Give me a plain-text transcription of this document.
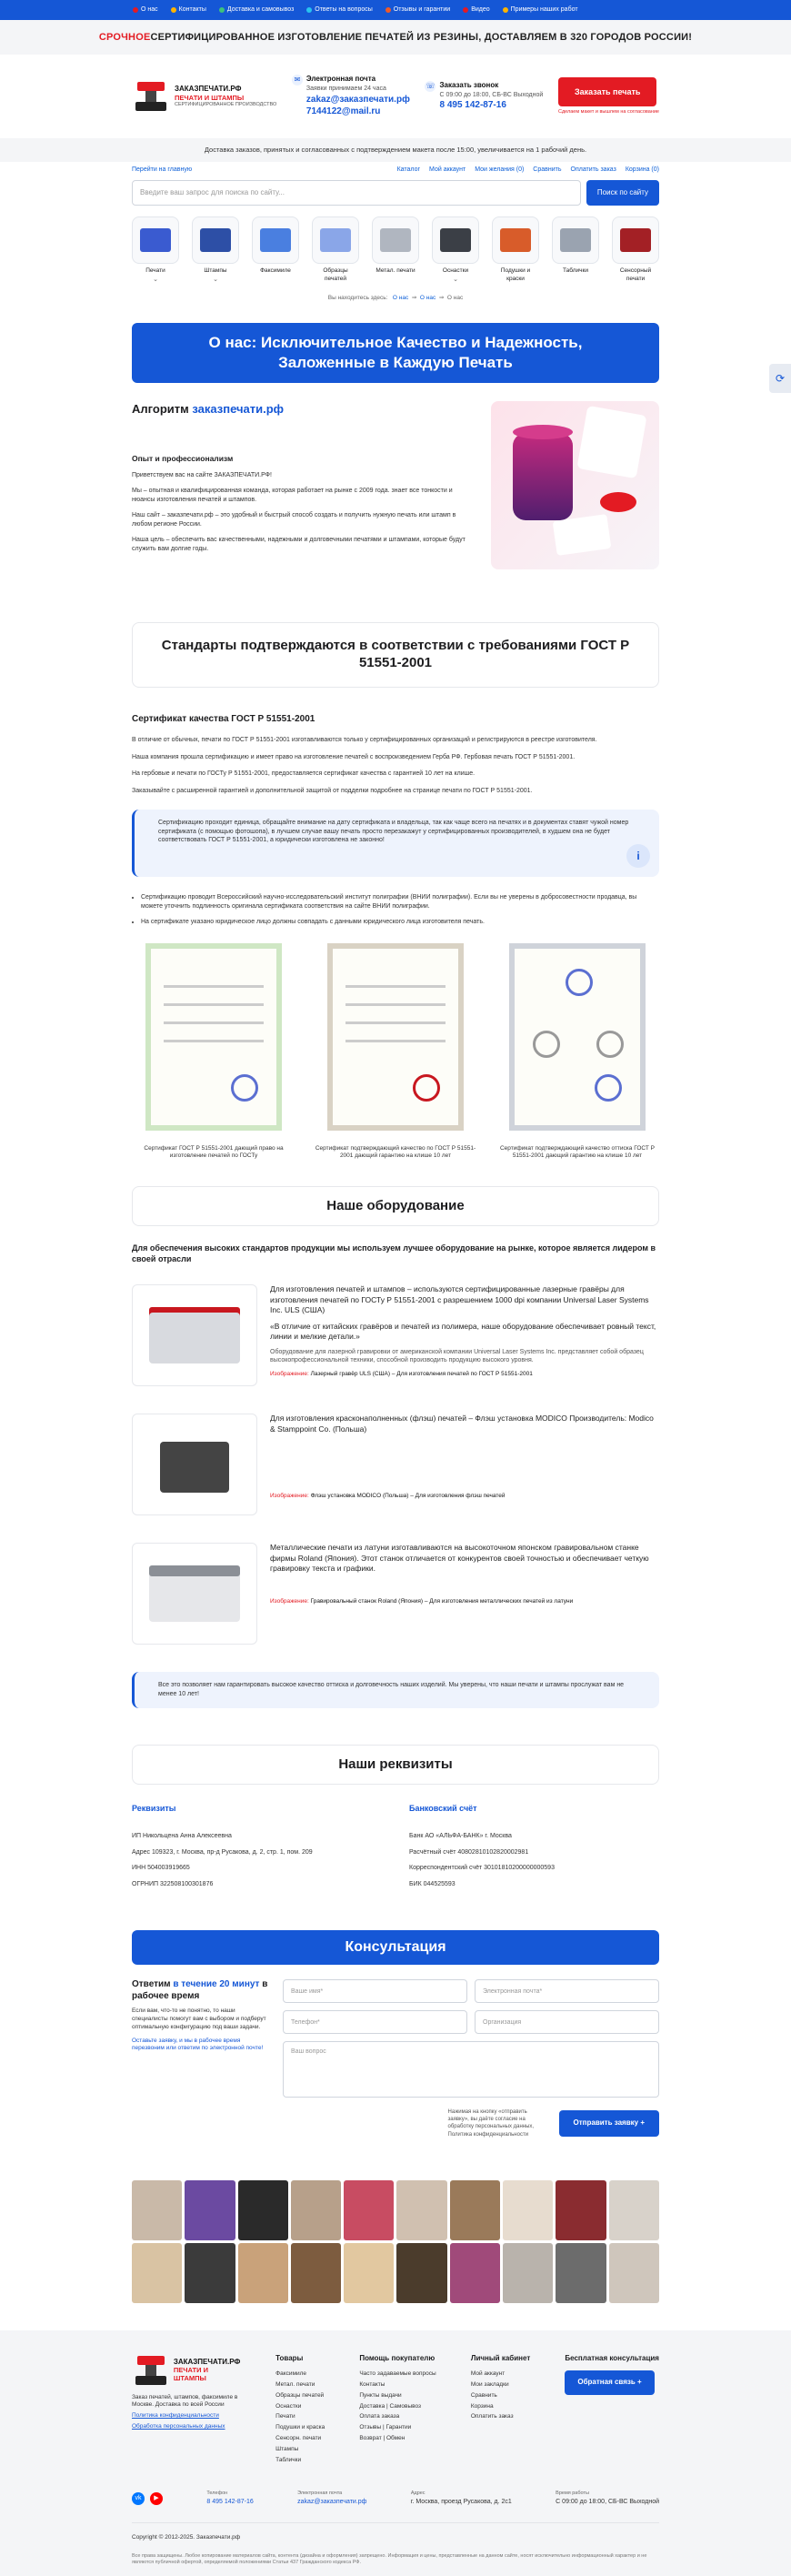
⟳
О нас	Контакты	Доставка и самовывоз	Ответы на вопросы	Отзывы и гарантии	Видео	Примеры наших работ
СРОЧНОЕ СЕРТИФИЦИРОВАННОЕ ИЗГОТОВЛЕНИЕ ПЕЧАТЕЙ ИЗ РЕЗИНЫ, ДОСТАВЛЯЕМ В 320 ГОРОДОВ РОССИИ!
ЗАКАЗПЕЧАТИ.РФ
ПЕЧАТИ И ШТАМПЫ
СЕРТИФИЦИРОВАННОЕ ПРОИЗВОДСТВО
✉ Электронная почта
Заявки принимаем 24 часа
zakaz@заказпечати.рф
7144122@mail.ru
☏ Заказать звонок
С 09:00 до 18:00, СБ-ВС Выходной
8 495 142-87-16
Заказать печать
Сделаем макет и вышлем на согласование
Доставка заказов, принятых и согласованных с подтверждением макета после 15:00, увеличивается на 1 рабочий день.
Перейти на главную	Каталог Мой аккаунт Мои желания (0) Сравнить Оплатить заказ Корзина (0)
Введите ваш запрос для поиска по сайту...	Поиск по сайту
Печати
⌄
Штампы
⌄
Факсимиле	Образцы печатей
Метал. печати	Оснастки
⌄
Подушки и краски
Таблички	Сенсорный печати
Вы находитесь здесь: О нас  ⇒  О нас  ⇒  О нас
О нас: Исключительное Качество и Надежность, Заложенные в Каждую Печать
Алгоритм заказпечати.рф
Опыт и профессионализм

Приветствуем вас на сайте ЗАКАЗПЕЧАТИ.РФ!

Мы – опытная и квалифицированная команда, которая работает на рынке с 2009 года. знает все тонкости и нюансы изготовления печатей и штампов.

Наш сайт – заказпечати.рф – это удобный и быстрый способ создать и получить нужную печать или штамп в любом регионе России.

Наша цель – обеспечить вас качественными, надежными и долговечными печатями и штампами, которые будут служить вам долгие годы.

Стандарты подтверждаются в соответствии с требованиями ГОСТ Р 51551-2001
Сертификат качества ГОСТ Р 51551-2001

В отличие от обычных, печати по ГОСТ Р 51551-2001 изготавливаются только у сертифицированных организаций и регистрируются в реестре изготовителя.

Наша компания прошла сертификацию и имеет право на изготовление печатей с воспроизведением Герба РФ. Гербовая печать ГОСТ Р 51551-2001.

На гербовые и печати по ГОСТу Р 51551-2001, предоставляется сертификат качества с гарантией 10 лет на клише.

Заказывайте с расширенной гарантией и дополнительной защитой от подделки подробнее на странице печати по ГОСТ Р 51551-2001.

Сертификацию проходит единица, обращайте внимание на дату сертификата и владельца, так как чаще всего на печатях и в документах ставят чужой номер сертификата (с помощью фотошопа), в лучшем случае вашу печать просто перезакажут у сертифицированных производителей, в худшем она не будет соответствовать ГОСТ Р 51551-2001, а юридически изготовлена не законно!
i
• Сертификацию проводит Всероссийский научно-исследовательский институт полиграфии (ВНИИ полиграфии). Если вы не уверены в добросовестности продавца, вы можете уточнить подлинность оригинала сертификата соответствия на сайте ВНИИ полиграфии.
• На сертификате указано юридическое лицо должны совпадать с данными юридического лица изготовителя печать.
Сертификат ГОСТ Р 51551-2001 дающий право на изготовление печатей по ГОСТу
Сертификат подтверждающий качество по ГОСТ Р 51551-2001 дающий гарантию на клише 10 лет
Сертификат подтверждающий качество оттиска ГОСТ Р 51551-2001 дающий гарантию на клише 10 лет
Наше оборудование
Для обеспечения высоких стандартов продукции мы используем лучшее оборудование на рынке, которое является лидером в своей отрасли
Для изготовления печатей и штампов – используются сертифицированные лазерные гравёры для изготовления печатей по ГОСТу Р 51551-2001 с разрешением 1000 dpi компании Universal Laser Systems Inc. ULS (США)
«В отличие от китайских гравёров и печатей из полимера, наше оборудование обеспечивает ровный текст, линии и мелкие детали.»
Оборудование для лазерной гравировки от американской компании Universal Laser Systems Inc. представляет собой образец высокопрофессиональной техники, способной производить продукцию высокого уровня.
Изображение: Лазерный гравёр ULS (США) – Для изготовления печатей по ГОСТ Р 51551-2001
Для изготовления красконаполненных (флэш) печатей – Флэш установка MODICO Производитель: Modico & Stamppoint Co. (Польша)
Изображение: Флэш установка MODICO (Польша) – Для изготовления флэш печатей
Металлические печати из латуни изготавливаются на высокоточном японском гравировальном станке фирмы Roland (Япония). Этот станок отличается от конкурентов своей точностью и обеспечивает четкую гравировку текста и графики.
Изображение: Гравировальный станок Roland (Япония) – Для изготовления металлических печатей из латуни
Все это позволяет нам гарантировать высокое качество оттиска и долговечность наших изделий. Мы уверены, что наши печати и штампы прослужат вам не менее 10 лет!
Наши реквизиты
Реквизиты

ИП Никольцена Анна Алексеевна

Адрес 109323, г. Москва, пр-д Русакова, д. 2, стр. 1, пом. 209

ИНН 504003919665

ОГРНИП 322508100301876

Банковский счёт

Банк АО «АЛЬФА-БАНК» г. Москва

Расчётный счёт 40802810102820002981

Корреспондентский счёт 30101810200000000593

БИК 044525593

Консультация
Ответим в течение 20 минут в рабочее время

Если вам, что-то не понятно, то наши специалисты помогут вам с выбором и подберут оптимальную конфигурацию под ваши задачи.

Оставьте заявку, и мы в рабочее время перезвоним или ответим по электронной почте!

Ваше имя*	Электронная почта*
Телефон*	Организация
Ваш вопрос
Нажимая на кнопку «отправить заявку», вы даёте согласие на обработку персональных данных, Политика конфиденциальности
Отправить заявку +
ЗАКАЗПЕЧАТИ.РФ
ПЕЧАТИ И ШТАМПЫ

Заказ печатей, штампов, факсимиле в Москве. Доставка по всей России

Политика конфиденциальности

Обработка персональных данных

Товары

Факсимиле

Метал. печати

Образцы печатей

Оснастки

Печати

Подушки и краска

Сенсорн. печати

Штампы

Таблички

Помощь покупателю

Часто задаваемые вопросы

Контакты

Пункты выдачи

Доставка | Самовывоз

Оплата заказа

Отзывы | Гарантии

Возврат | Обмен

Личный кабинет

Мой аккаунт

Мои закладки

Сравнить

Корзина

Оплатить заказ

Бесплатная консультация
Обратная связь +
vk	▶
Телефон
8 495 142-87-16
Электронная почта
zakaz@заказпечати.рф
Адрес
г. Москва, проезд Русакова, д. 2с1
Время работы
С 09:00 до 18:00, СБ-ВС Выходной
Copyright © 2012-2025. Заказпечати.рф
Все права защищены. Любое копирование материалов сайта, контента (дизайна и оформления) запрещено. Информация и цены, представленные на данном сайте, носят исключительно информационный характер и не являются публичной офертой, определяемой положениями Статьи 437 Гражданского кодекса РФ.
